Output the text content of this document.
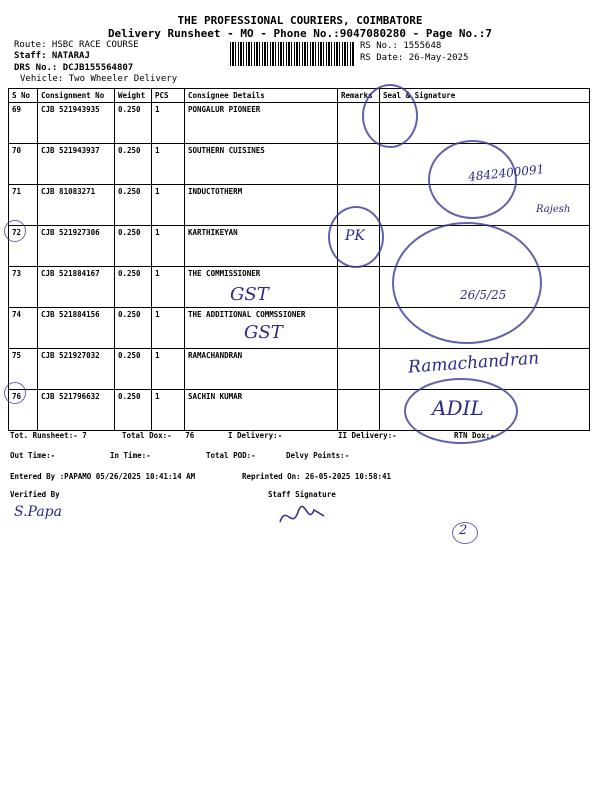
THE PROFESSIONAL COURIERS, COIMBATORE
Delivery Runsheet - MO - Phone No.:9047080280 - Page No.:7
Route: HSBC RACE COURSE
Staff: NATARAJ
DRS No.: DCJB155564807
Vehicle: Two Wheeler Delivery
RS No.: 1555648
RS Date: 26-May-2025
S No	Consignment No	Weight	PCS	Consignee Details	Remarks	Seal & Signature
69	CJB 521943935	0.250	1	PONGALUR PIONEER		
70	CJB 521943937	0.250	1	SOUTHERN CUISINES		
71	CJB 81083271	0.250	1	INDUCTOTHERM		
72	CJB 521927306	0.250	1	KARTHIKEYAN		
73	CJB 521884167	0.250	1	THE COMMISSIONER		
74	CJB 521884156	0.250	1	THE ADDITIONAL COMMSSIONER		
75	CJB 521927032	0.250	1	RAMACHANDRAN		
76	CJB 521796632	0.250	1	SACHIN KUMAR		
4842400091
Rajesh
PK
GST
GST
26/5/25
Ramachandran
ADIL
Tot. Runsheet:- 7	Total Dox:-   76	I Delivery:-	II Delivery:-	RTN Dox:-
Out Time:-	In Time:-	Total POD:-	Delvy Points:-
Entered By :PAPAMO 05/26/2025 10:41:14 AM	Reprinted On: 26-05-2025 10:58:41
Verified By	Staff Signature
S.Papa
2
